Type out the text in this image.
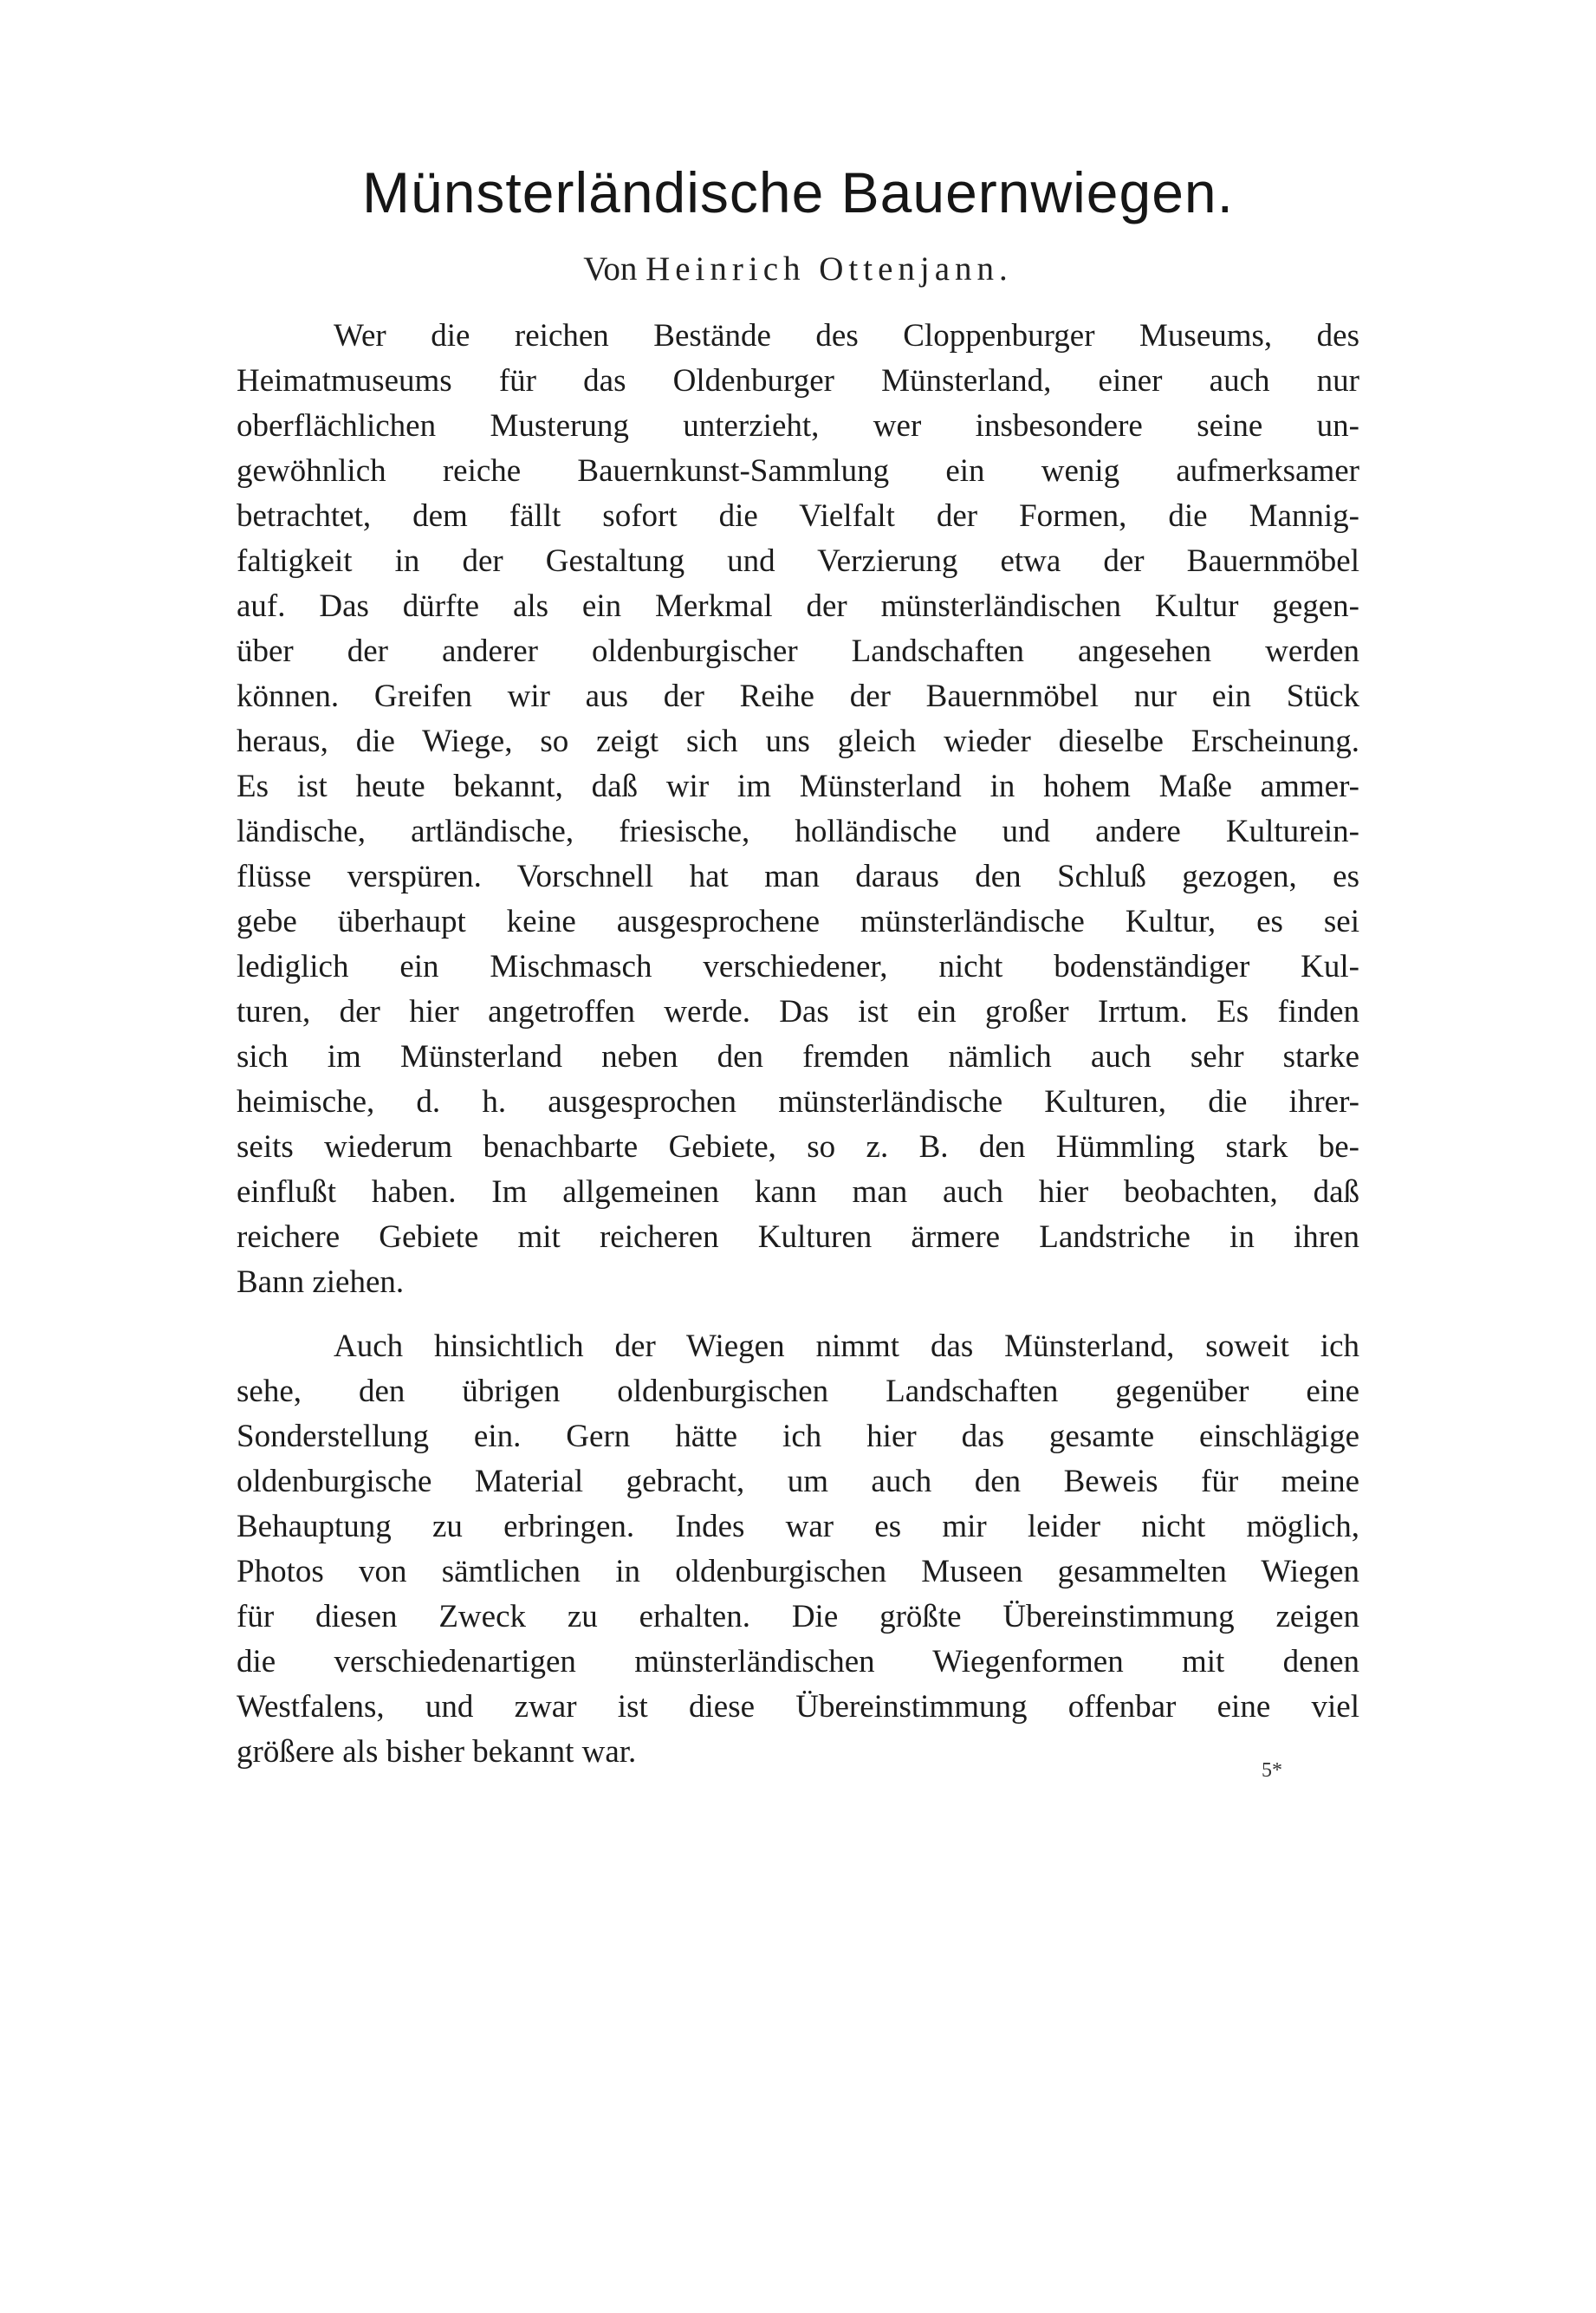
Münsterländische Bauernwiegen.
Von Heinrich Ottenjann.

Wer die reichen Bestände des Cloppenburger Museums, des
Heimatmuseums für das Oldenburger Münsterland, einer auch nur
oberflächlichen Musterung unterzieht, wer insbesondere seine un-
gewöhnlich reiche Bauernkunst-Sammlung ein wenig aufmerksamer
betrachtet, dem fällt sofort die Vielfalt der Formen, die Mannig-
faltigkeit in der Gestaltung und Verzierung etwa der Bauernmöbel
auf. Das dürfte als ein Merkmal der münsterländischen Kultur gegen-
über der anderer oldenburgischer Landschaften angesehen werden
können. Greifen wir aus der Reihe der Bauernmöbel nur ein Stück
heraus, die Wiege, so zeigt sich uns gleich wieder dieselbe Erscheinung.
Es ist heute bekannt, daß wir im Münsterland in hohem Maße ammer-
ländische, artländische, friesische, holländische und andere Kulturein-
flüsse verspüren. Vorschnell hat man daraus den Schluß gezogen, es
gebe überhaupt keine ausgesprochene münsterländische Kultur, es sei
lediglich ein Mischmasch verschiedener, nicht bodenständiger Kul-
turen, der hier angetroffen werde. Das ist ein großer Irrtum. Es finden
sich im Münsterland neben den fremden nämlich auch sehr starke
heimische, d. h. ausgesprochen münsterländische Kulturen, die ihrer-
seits wiederum benachbarte Gebiete, so z. B. den Hümmling stark be-
einflußt haben. Im allgemeinen kann man auch hier beobachten, daß
reichere Gebiete mit reicheren Kulturen ärmere Landstriche in ihren
Bann ziehen.

Auch hinsichtlich der Wiegen nimmt das Münsterland, soweit ich
sehe, den übrigen oldenburgischen Landschaften gegenüber eine
Sonderstellung ein. Gern hätte ich hier das gesamte einschlägige
oldenburgische Material gebracht, um auch den Beweis für meine
Behauptung zu erbringen. Indes war es mir leider nicht möglich,
Photos von sämtlichen in oldenburgischen Museen gesammelten Wiegen
für diesen Zweck zu erhalten. Die größte Übereinstimmung zeigen
die verschiedenartigen münsterländischen Wiegenformen mit denen
Westfalens, und zwar ist diese Übereinstimmung offenbar eine viel
größere als bisher bekannt war.

5*
